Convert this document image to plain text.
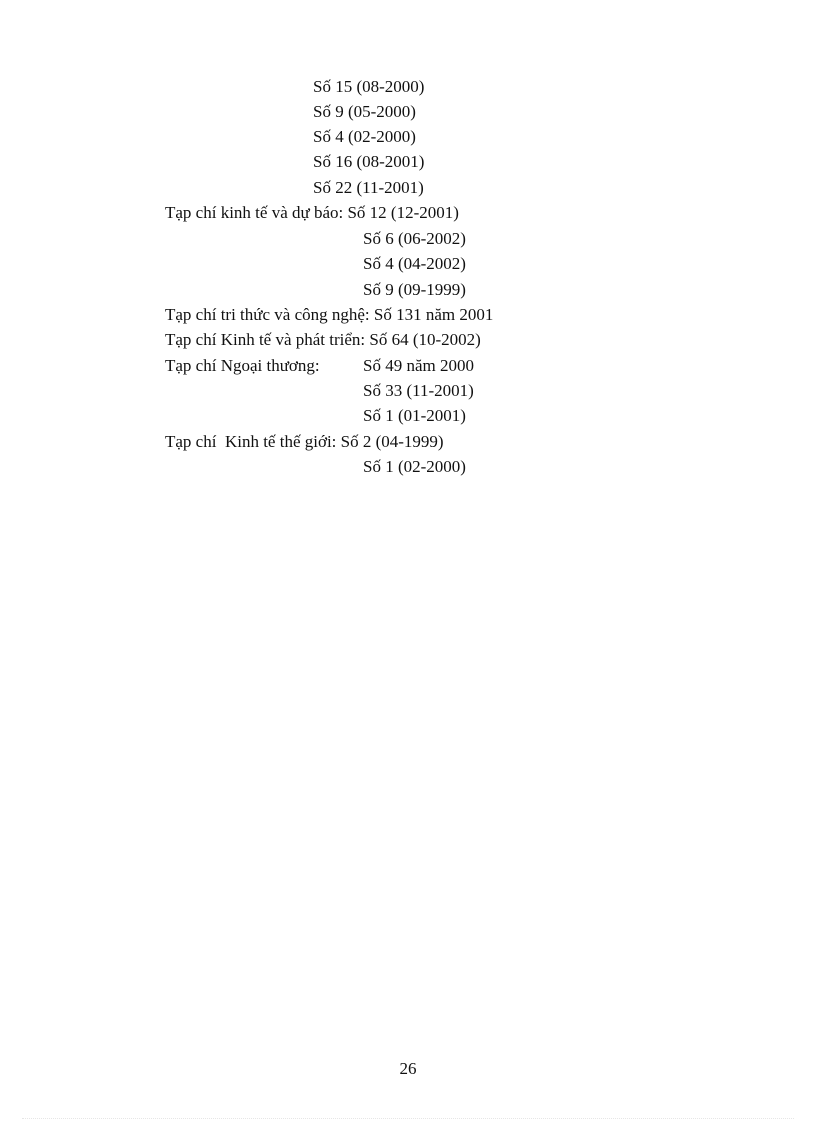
Số 15 (08-2000)
Số 9 (05-2000)
Số 4 (02-2000)
Số 16 (08-2001)
Số 22 (11-2001)
Tạp chí kinh tế và dự báo: Số 12 (12-2001)
Số 6 (06-2002)
Số 4 (04-2002)
Số 9 (09-1999)
Tạp chí tri thức và công nghệ: Số 131 năm 2001
Tạp chí Kinh tế và phát triển: Số 64 (10-2002)
Tạp chí Ngoại thương:	Số 49 năm 2000
Số 33 (11-2001)
Số 1 (01-2001)
Tạp chí  Kinh tế thế giới: Số 2 (04-1999)
Số 1 (02-2000)
26
